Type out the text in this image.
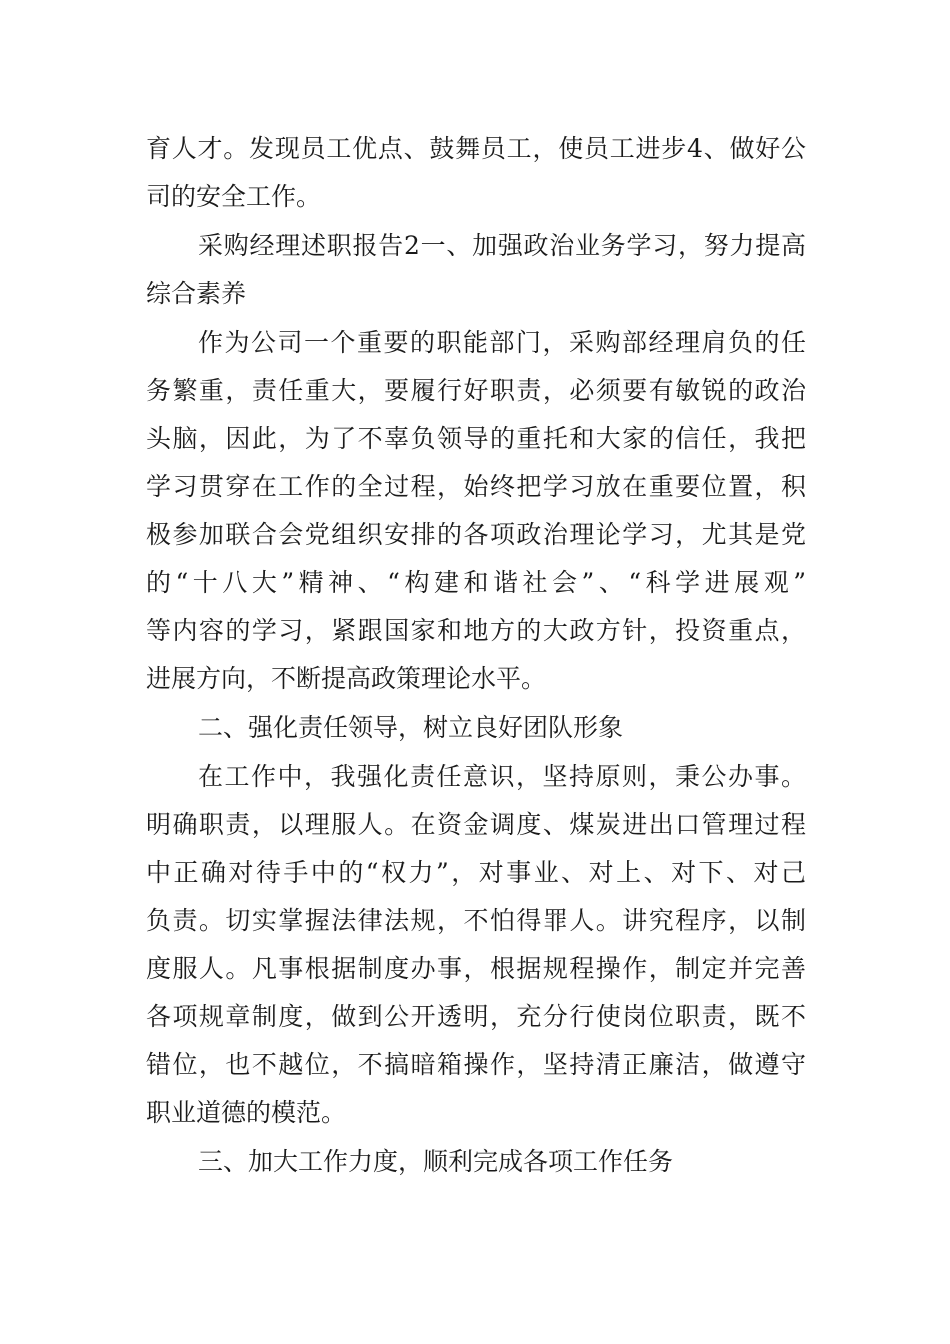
育人才。发现员工优点、鼓舞员工，使员工进步4、做好公
司的安全工作。
采购经理述职报告2一、加强政治业务学习，努力提高
综合素养
作为公司一个重要的职能部门，采购部经理肩负的任
务繁重，责任重大，要履行好职责，必须要有敏锐的政治
头脑，因此，为了不辜负领导的重托和大家的信任，我把
学习贯穿在工作的全过程，始终把学习放在重要位置，积
极参加联合会党组织安排的各项政治理论学习，尤其是党
的“十八大”精神、“构建和谐社会”、“科学进展观”
等内容的学习，紧跟国家和地方的大政方针，投资重点，
进展方向，不断提高政策理论水平。
二、强化责任领导，树立良好团队形象
在工作中，我强化责任意识，坚持原则，秉公办事。
明确职责，以理服人。在资金调度、煤炭进出口管理过程
中正确对待手中的“权力”，对事业、对上、对下、对己
负责。切实掌握法律法规，不怕得罪人。讲究程序，以制
度服人。凡事根据制度办事，根据规程操作，制定并完善
各项规章制度，做到公开透明，充分行使岗位职责，既不
错位，也不越位，不搞暗箱操作，坚持清正廉洁，做遵守
职业道德的模范。
三、加大工作力度，顺利完成各项工作任务
